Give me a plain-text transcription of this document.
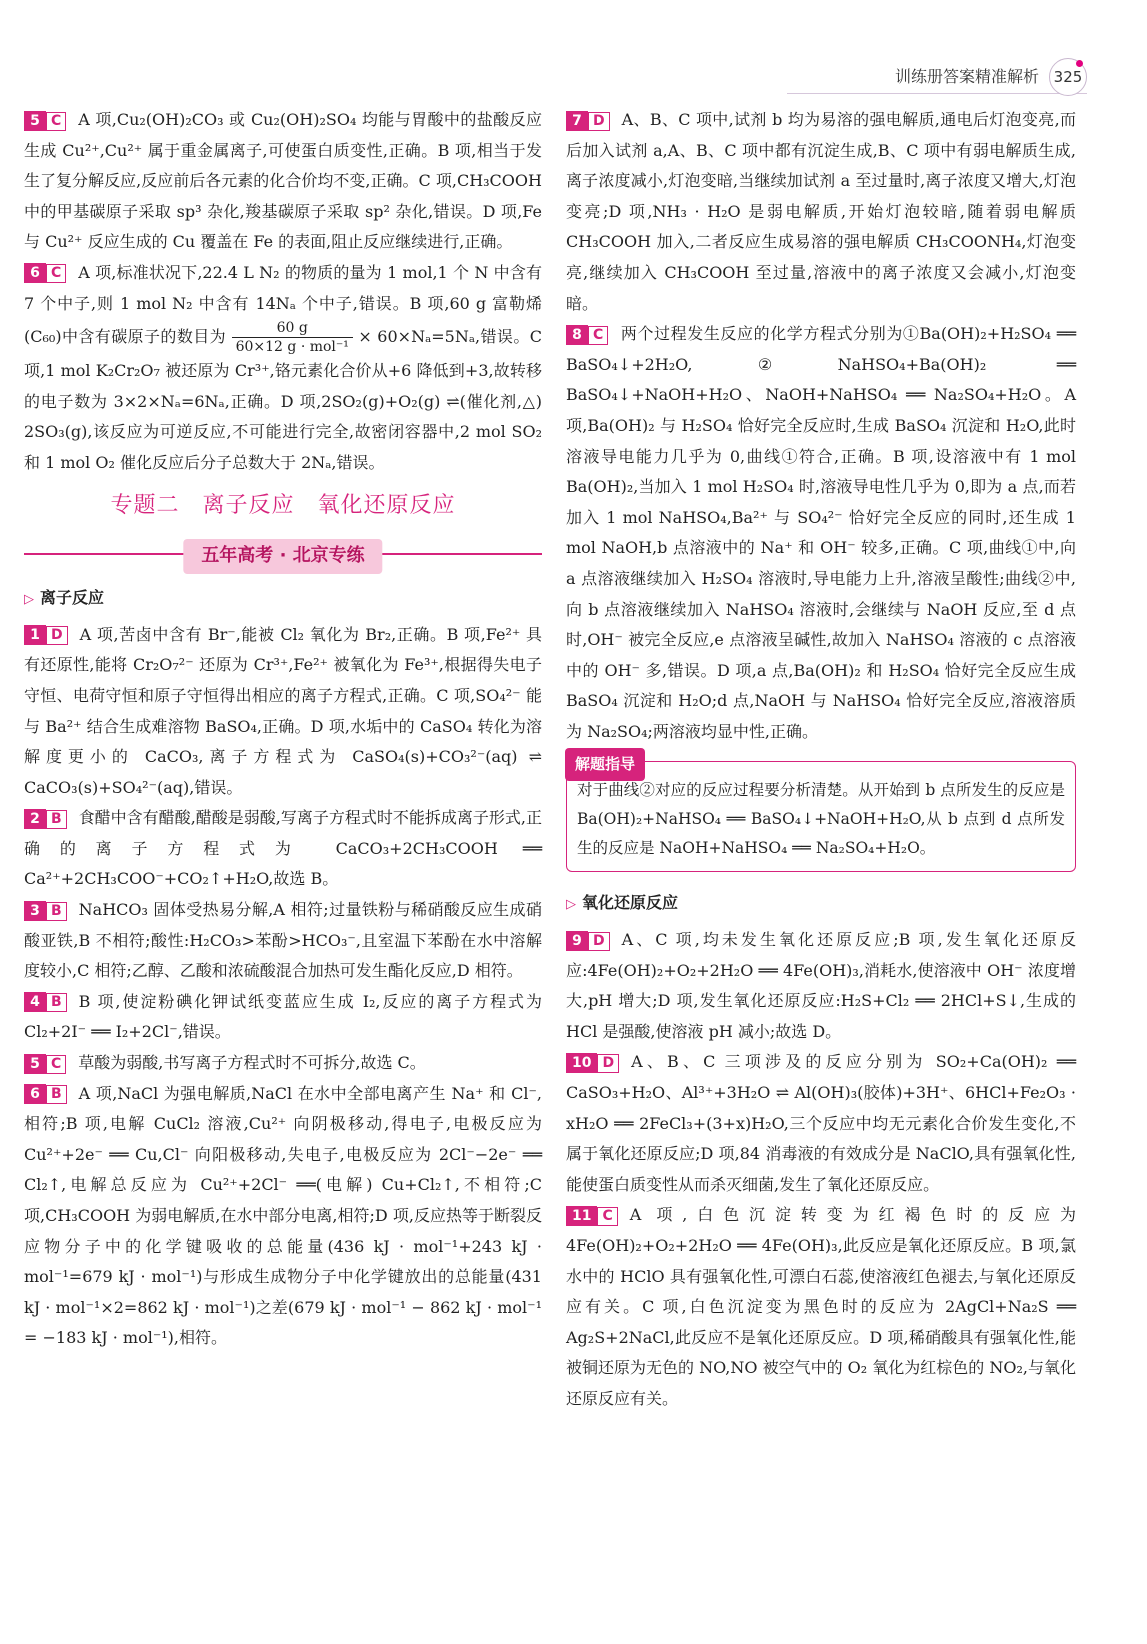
训练册答案精准解析 325

5 C A 项,Cu₂(OH)₂CO₃ 或 Cu₂(OH)₂SO₄ 均能与胃酸中的盐酸反应生成 Cu²⁺,Cu²⁺ 属于重金属离子,可使蛋白质变性,正确。B 项,相当于发生了复分解反应,反应前后各元素的化合价均不变,正确。C 项,CH₃COOH 中的甲基碳原子采取 sp³ 杂化,羧基碳原子采取 sp² 杂化,错误。D 项,Fe 与 Cu²⁺ 反应生成的 Cu 覆盖在 Fe 的表面,阻止反应继续进行,正确。

6 C A 项,标准状况下,22.4 L N₂ 的物质的量为 1 mol,1 个 N 中含有 7 个中子,则 1 mol N₂ 中含有 14Nₐ 个中子,错误。B 项,60 g 富勒烯(C₆₀)中含有碳原子的数目为 $\frac{60 g}{\text{60×12 g · mol⁻¹}} \times 60\times N_a=5N_a$,错误。C 项,1 mol K₂Cr₂O₇ 被还原为 Cr³⁺,铬元素化合价从+6 降低到+3,故转移的电子数为 3×2×Nₐ=6Nₐ,正确。D 项,2SO₂(g)+O₂(g) ⇌(催化剂,△) 2SO₃(g),该反应为可逆反应,不可能进行完全,故密闭容器中,2 mol SO₂ 和 1 mol O₂ 催化反应后分子总数大于 2Nₐ,错误。

专题二　离子反应　氧化还原反应
五年高考 · 北京专练
▷ 离子反应

1 D A 项,苦卤中含有 Br⁻,能被 Cl₂ 氧化为 Br₂,正确。B 项,Fe²⁺ 具有还原性,能将 Cr₂O₇²⁻ 还原为 Cr³⁺,Fe²⁺ 被氧化为 Fe³⁺,根据得失电子守恒、电荷守恒和原子守恒得出相应的离子方程式,正确。C 项,SO₄²⁻ 能与 Ba²⁺ 结合生成难溶物 BaSO₄,正确。D 项,水垢中的 CaSO₄ 转化为溶解度更小的 CaCO₃,离子方程式为 CaSO₄(s)+CO₃²⁻(aq) ⇌ CaCO₃(s)+SO₄²⁻(aq),错误。

2 B 食醋中含有醋酸,醋酸是弱酸,写离子方程式时不能拆成离子形式,正确的离子方程式为 CaCO₃+2CH₃COOH ══ Ca²⁺+2CH₃COO⁻+CO₂↑+H₂O,故选 B。

3 B NaHCO₃ 固体受热易分解,A 相符;过量铁粉与稀硝酸反应生成硝酸亚铁,B 不相符;酸性:H₂CO₃>苯酚>HCO₃⁻,且室温下苯酚在水中溶解度较小,C 相符;乙醇、乙酸和浓硫酸混合加热可发生酯化反应,D 相符。

4 B B 项,使淀粉碘化钾试纸变蓝应生成 I₂,反应的离子方程式为Cl₂+2I⁻ ══ I₂+2Cl⁻,错误。

5 C 草酸为弱酸,书写离子方程式时不可拆分,故选 C。

6 B A 项,NaCl 为强电解质,NaCl 在水中全部电离产生 Na⁺ 和 Cl⁻,相符;B 项,电解 CuCl₂ 溶液,Cu²⁺ 向阴极移动,得电子,电极反应为 Cu²⁺+2e⁻ ══ Cu,Cl⁻ 向阳极移动,失电子,电极反应为 2Cl⁻−2e⁻ ══ Cl₂↑,电解总反应为 Cu²⁺+2Cl⁻ ══(电解) Cu+Cl₂↑,不相符;C 项,CH₃COOH 为弱电解质,在水中部分电离,相符;D 项,反应热等于断裂反应物分子中的化学键吸收的总能量(436 kJ · mol⁻¹+243 kJ · mol⁻¹=679 kJ · mol⁻¹)与形成生成物分子中化学键放出的总能量(431 kJ · mol⁻¹×2=862 kJ · mol⁻¹)之差(679 kJ · mol⁻¹ − 862 kJ · mol⁻¹ = −183 kJ · mol⁻¹),相符。

7 D A、B、C 项中,试剂 b 均为易溶的强电解质,通电后灯泡变亮,而后加入试剂 a,A、B、C 项中都有沉淀生成,B、C 项中有弱电解质生成,离子浓度减小,灯泡变暗,当继续加试剂 a 至过量时,离子浓度又增大,灯泡变亮;D 项,NH₃ · H₂O 是弱电解质,开始灯泡较暗,随着弱电解质 CH₃COOH 加入,二者反应生成易溶的强电解质 CH₃COONH₄,灯泡变亮,继续加入 CH₃COOH 至过量,溶液中的离子浓度又会减小,灯泡变暗。

8 C 两个过程发生反应的化学方程式分别为①Ba(OH)₂+H₂SO₄ ══ BaSO₄↓+2H₂O,②NaHSO₄+Ba(OH)₂ ══ BaSO₄↓+NaOH+H₂O、NaOH+NaHSO₄ ══ Na₂SO₄+H₂O。A 项,Ba(OH)₂ 与 H₂SO₄ 恰好完全反应时,生成 BaSO₄ 沉淀和 H₂O,此时溶液导电能力几乎为 0,曲线①符合,正确。B 项,设溶液中有 1 mol Ba(OH)₂,当加入 1 mol H₂SO₄ 时,溶液导电性几乎为 0,即为 a 点,而若加入 1 mol NaHSO₄,Ba²⁺ 与 SO₄²⁻ 恰好完全反应的同时,还生成 1 mol NaOH,b 点溶液中的 Na⁺ 和 OH⁻ 较多,正确。C 项,曲线①中,向 a 点溶液继续加入 H₂SO₄ 溶液时,导电能力上升,溶液呈酸性;曲线②中,向 b 点溶液继续加入 NaHSO₄ 溶液时,会继续与 NaOH 反应,至 d 点时,OH⁻ 被完全反应,e 点溶液呈碱性,故加入 NaHSO₄ 溶液的 c 点溶液中的 OH⁻ 多,错误。D 项,a 点,Ba(OH)₂ 和 H₂SO₄ 恰好完全反应生成 BaSO₄ 沉淀和 H₂O;d 点,NaOH 与 NaHSO₄ 恰好完全反应,溶液溶质为 Na₂SO₄;两溶液均显中性,正确。

解题指导
对于曲线②对应的反应过程要分析清楚。从开始到 b 点所发生的反应是Ba(OH)₂+NaHSO₄ ══ BaSO₄↓+NaOH+H₂O,从 b 点到 d 点所发生的反应是 NaOH+NaHSO₄ ══ Na₂SO₄+H₂O。
▷ 氧化还原反应

9 D A、C 项,均未发生氧化还原反应;B 项,发生氧化还原反应:4Fe(OH)₂+O₂+2H₂O ══ 4Fe(OH)₃,消耗水,使溶液中 OH⁻ 浓度增大,pH 增大;D 项,发生氧化还原反应:H₂S+Cl₂ ══ 2HCl+S↓,生成的 HCl 是强酸,使溶液 pH 减小;故选 D。

10 D A、B、C 三项涉及的反应分别为 SO₂+Ca(OH)₂ ══ CaSO₃+H₂O、Al³⁺+3H₂O ⇌ Al(OH)₃(胶体)+3H⁺、6HCl+Fe₂O₃ · xH₂O ══ 2FeCl₃+(3+x)H₂O,三个反应中均无元素化合价发生变化,不属于氧化还原反应;D 项,84 消毒液的有效成分是 NaClO,具有强氧化性,能使蛋白质变性从而杀灭细菌,发生了氧化还原反应。

11 C A 项,白色沉淀转变为红褐色时的反应为 4Fe(OH)₂+O₂+2H₂O ══ 4Fe(OH)₃,此反应是氧化还原反应。B 项,氯水中的 HClO 具有强氧化性,可漂白石蕊,使溶液红色褪去,与氧化还原反应有关。C 项,白色沉淀变为黑色时的反应为 2AgCl+Na₂S ══ Ag₂S+2NaCl,此反应不是氧化还原反应。D 项,稀硝酸具有强氧化性,能被铜还原为无色的 NO,NO 被空气中的 O₂ 氧化为红棕色的 NO₂,与氧化还原反应有关。
